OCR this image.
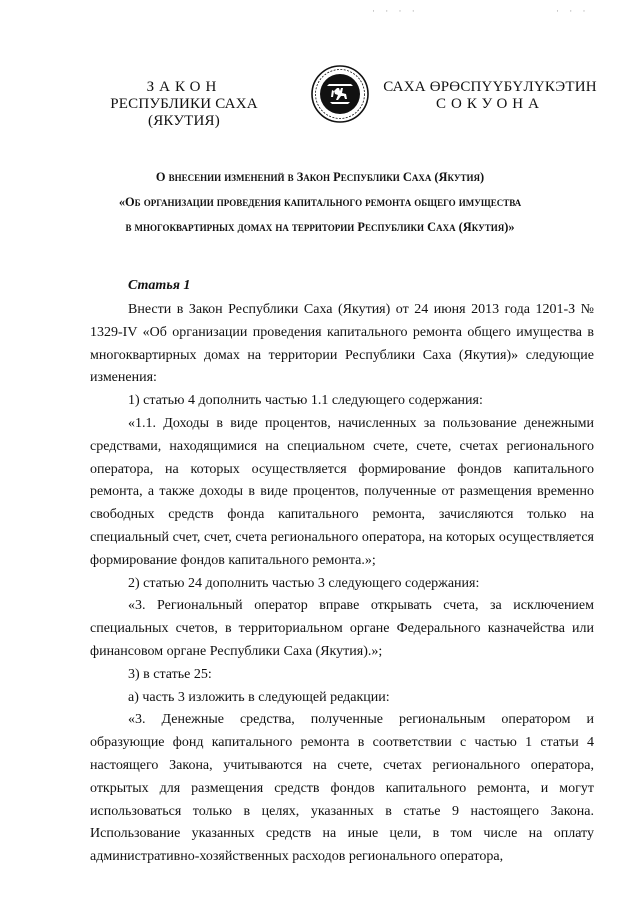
· · · ·	· · ·
ЗАКОН
РЕСПУБЛИКИ САХА (ЯКУТИЯ)
САХА ӨРӨСПҮҮБҮЛҮКЭТИН
СОКУОНА
О внесении изменений в Закон Республики Саха (Якутия)
«Об организации проведения капитального ремонта общего имущества
в многоквартирных домах на территории Республики Саха (Якутия)»
Статья 1

Внести в Закон Республики Саха (Якутия) от 24 июня 2013 года 1201-З № 1329-IV «Об организации проведения капитального ремонта общего имущества в многоквартирных домах на территории Республики Саха (Якутия)» следующие изменения:

1) статью 4 дополнить частью 1.1 следующего содержания:

«1.1. Доходы в виде процентов, начисленных за пользование денежными средствами, находящимися на специальном счете, счете, счетах регионального оператора, на которых осуществляется формирование фондов капитального ремонта, а также доходы в виде процентов, полученные от размещения временно свободных средств фонда капитального ремонта, зачисляются только на специальный счет, счет, счета регионального оператора, на которых осуществляется формирование фондов капитального ремонта.»;

2) статью 24 дополнить частью 3 следующего содержания:

«3. Региональный оператор вправе открывать счета, за исключением специальных счетов, в территориальном органе Федерального казначейства или финансовом органе Республики Саха (Якутия).»;

3) в статье 25:

а) часть 3 изложить в следующей редакции:

«3. Денежные средства, полученные региональным оператором и образующие фонд капитального ремонта в соответствии с частью 1 статьи 4 настоящего Закона, учитываются на счете, счетах регионального оператора, открытых для размещения средств фондов капитального ремонта, и могут использоваться только в целях, указанных в статье 9 настоящего Закона. Использование указанных средств на иные цели, в том числе на оплату административно-хозяйственных расходов регионального оператора,
